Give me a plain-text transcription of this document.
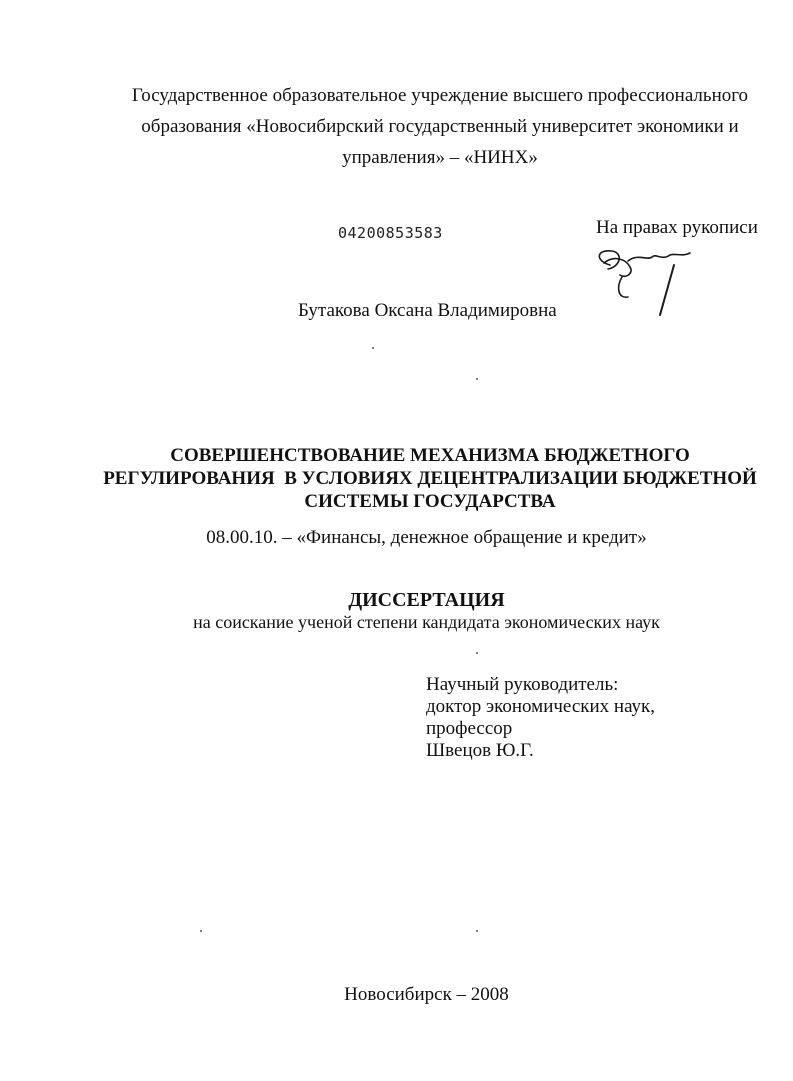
Государственное образовательное учреждение высшего профессионального
образования «Новосибирский государственный университет экономики и
управления» – «НИНХ»
04200853583	На правах рукописи
Бутакова Оксана Владимировна
СОВЕРШЕНСТВОВАНИЕ МЕХАНИЗМА БЮДЖЕТНОГО
РЕГУЛИРОВАНИЯ  В УСЛОВИЯХ ДЕЦЕНТРАЛИЗАЦИИ БЮДЖЕТНОЙ
СИСТЕМЫ ГОСУДАРСТВА
08.00.10. – «Финансы, денежное обращение и кредит»
ДИССЕРТАЦИЯ
на соискание ученой степени кандидата экономических наук
Научный руководитель:
доктор экономических наук,
профессор
Швецов Ю.Г.
Новосибирск – 2008
